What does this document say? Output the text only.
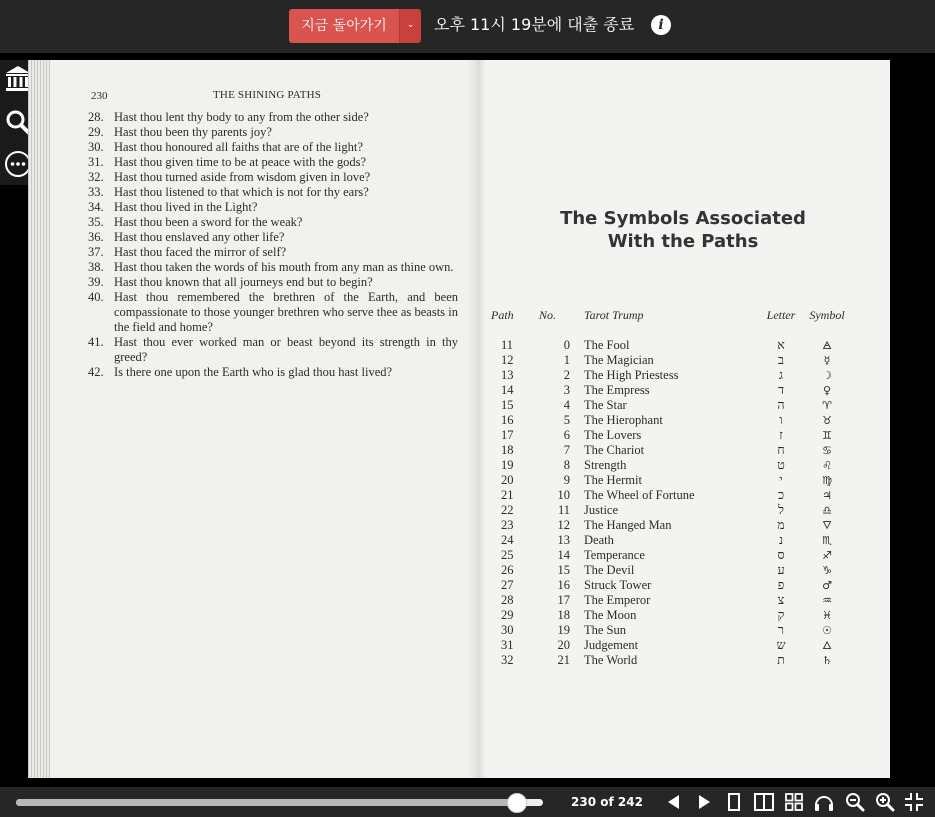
지금 돌아가기	⌄	오후 11시 19분에 대출 종료	i
230	THE SHINING PATHS
28. Hast thou lent thy body to any from the other side?
29. Hast thou been thy parents joy?
30. Hast thou honoured all faiths that are of the light?
31. Hast thou given time to be at peace with the gods?
32. Hast thou turned aside from wisdom given in love?
33. Hast thou listened to that which is not for thy ears?
34. Hast thou lived in the Light?
35. Hast thou been a sword for the weak?
36. Hast thou enslaved any other life?
37. Hast thou faced the mirror of self?
38. Hast thou taken the words of his mouth from any man as thine own.
39. Hast thou known that all journeys end but to begin?
40. Hast thou remembered the brethren of the Earth, and been compassionate to those younger brethren who serve thee as beasts in the field and home?
41. Hast thou ever worked man or beast beyond its strength in thy greed?
42. Is there one upon the Earth who is glad thou hast lived?
The Symbols Associated
With the Paths
Path	No.		Tarot Trump	Letter	Symbol
11	0		The Fool	א	🜁
12	1		The Magician	ב	☿
13	2		The High Priestess	ג	☽
14	3		The Empress	ד	♀
15	4		The Star	ה	♈
16	5		The Hierophant	ו	♉
17	6		The Lovers	ז	♊
18	7		The Chariot	ח	♋
19	8		Strength	ט	♌
20	9		The Hermit	י	♍
21	10		The Wheel of Fortune	כ	♃
22	11		Justice	ל	♎
23	12		The Hanged Man	מ	🜄
24	13		Death	נ	♏
25	14		Temperance	ס	♐
26	15		The Devil	ע	♑
27	16		Struck Tower	פ	♂
28	17		The Emperor	צ	♒
29	18		The Moon	ק	♓
30	19		The Sun	ר	☉
31	20		Judgement	ש	🜂
32	21		The World	ת	♄
230 of 242
